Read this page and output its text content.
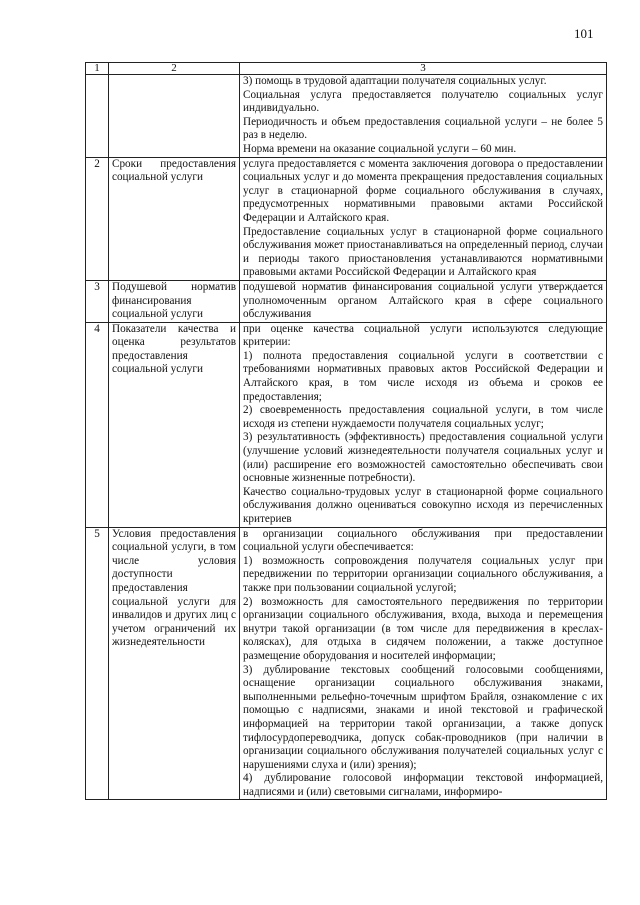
101
1	2	3

		3) помощь в трудовой адаптации получателя социальных услуг.

Социальная услуга предоставляется получателю социальных услуг индивидуально.

Периодичность и объем предоставления социальной услуги – не более 5 раз в неделю.

Норма времени на оказание социальной услуги – 60 мин.

2	Сроки предоставления социальной услуги	услуга предоставляется с момента заключения договора о предоставлении социальных услуг и до момента прекращения предоставления социальных услуг в стационарной форме социального обслуживания в случаях, предусмотренных нормативными правовыми актами Российской Федерации и Алтайского края.

Предоставление социальных услуг в стационарной форме социального обслуживания может приостанавливаться на определенный период, случаи и периоды такого приостановления устанавливаются нормативными правовыми актами Российской Федерации и Алтайского края

3	Подушевой норматив финансирования социальной услуги	подушевой норматив финансирования социальной услуги утверждается уполномоченным органом Алтайского края в сфере социального обслуживания

4	Показатели качества и оценка результатов предоставления социальной услуги	при оценке качества социальной услуги используются следующие критерии:

1) полнота предоставления социальной услуги в соответствии с требованиями нормативных правовых актов Российской Федерации и Алтайского края, в том числе исходя из объема и сроков ее предоставления;

2) своевременность предоставления социальной услуги, в том числе исходя из степени нуждаемости получателя социальных услуг;

3) результативность (эффективность) предоставления социальной услуги (улучшение условий жизнедеятельности получателя социальных услуг и (или) расширение его возможностей самостоятельно обеспечивать свои основные жизненные потребности).

Качество социально-трудовых услуг в стационарной форме социального обслуживания должно оцениваться совокупно исходя из перечисленных критериев

5	Условия предоставления социальной услуги, в том числе условия доступности предоставления социальной услуги для инвалидов и других лиц с учетом ограничений их жизнедеятельности	в организации социального обслуживания при предоставлении социальной услуги обеспечивается:

1) возможность сопровождения получателя социальных услуг при передвижении по территории организации социального обслуживания, а также при пользовании социальной услугой;

2) возможность для самостоятельного передвижения по территории организации социального обслуживания, входа, выхода и перемещения внутри такой организации (в том числе для передвижения в креслах-колясках), для отдыха в сидячем положении, а также доступное размещение оборудования и носителей информации;

3) дублирование текстовых сообщений голосовыми сообщениями, оснащение организации социального обслуживания знаками, выполненными рельефно-точечным шрифтом Брайля, ознакомление с их помощью с надписями, знаками и иной текстовой и графической информацией на территории такой организации, а также допуск тифлосурдопереводчика, допуск собак-проводников (при наличии в организации социального обслуживания получателей социальных услуг с нарушениями слуха и (или) зрения);

4) дублирование голосовой информации текстовой информацией, надписями и (или) световыми сигналами, информиро-
